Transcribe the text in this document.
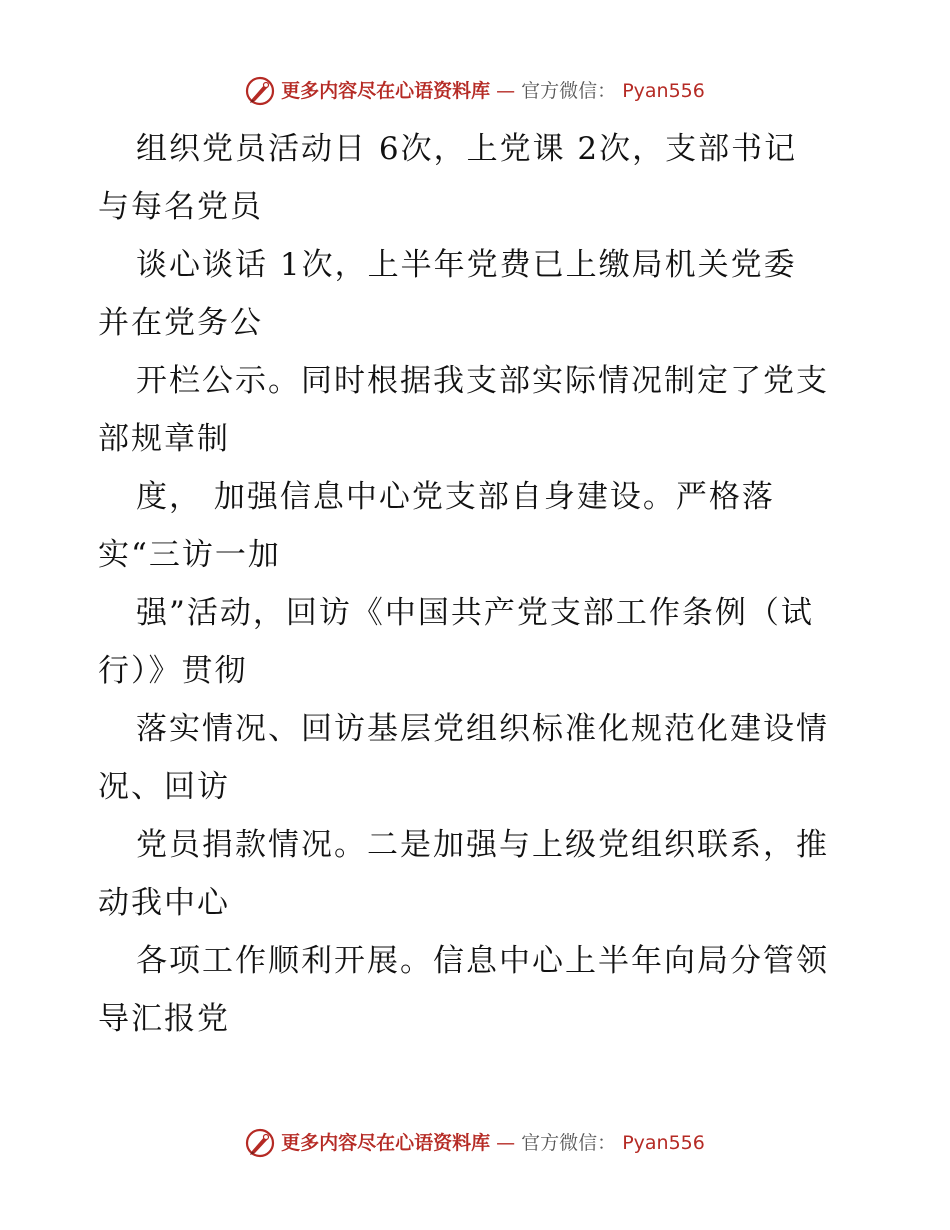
更多内容尽在心语资料库 — 官方微信： Pyan556

组织党员活动日 6次，上党课 2次，支部书记
与每名党员

谈心谈话 1次，上半年党费已上缴局机关党委
并在党务公

开栏公示。同时根据我支部实际情况制定了党支
部规章制

度， 加强信息中心党支部自身建设。严格落
实“三访一加

强”活动，回访《中国共产党支部工作条例（试
行）》贯彻

落实情况、回访基层党组织标准化规范化建设情
况、回访

党员捐款情况。二是加强与上级党组织联系，推
动我中心

各项工作顺利开展。信息中心上半年向局分管领
导汇报党

更多内容尽在心语资料库 — 官方微信： Pyan556
